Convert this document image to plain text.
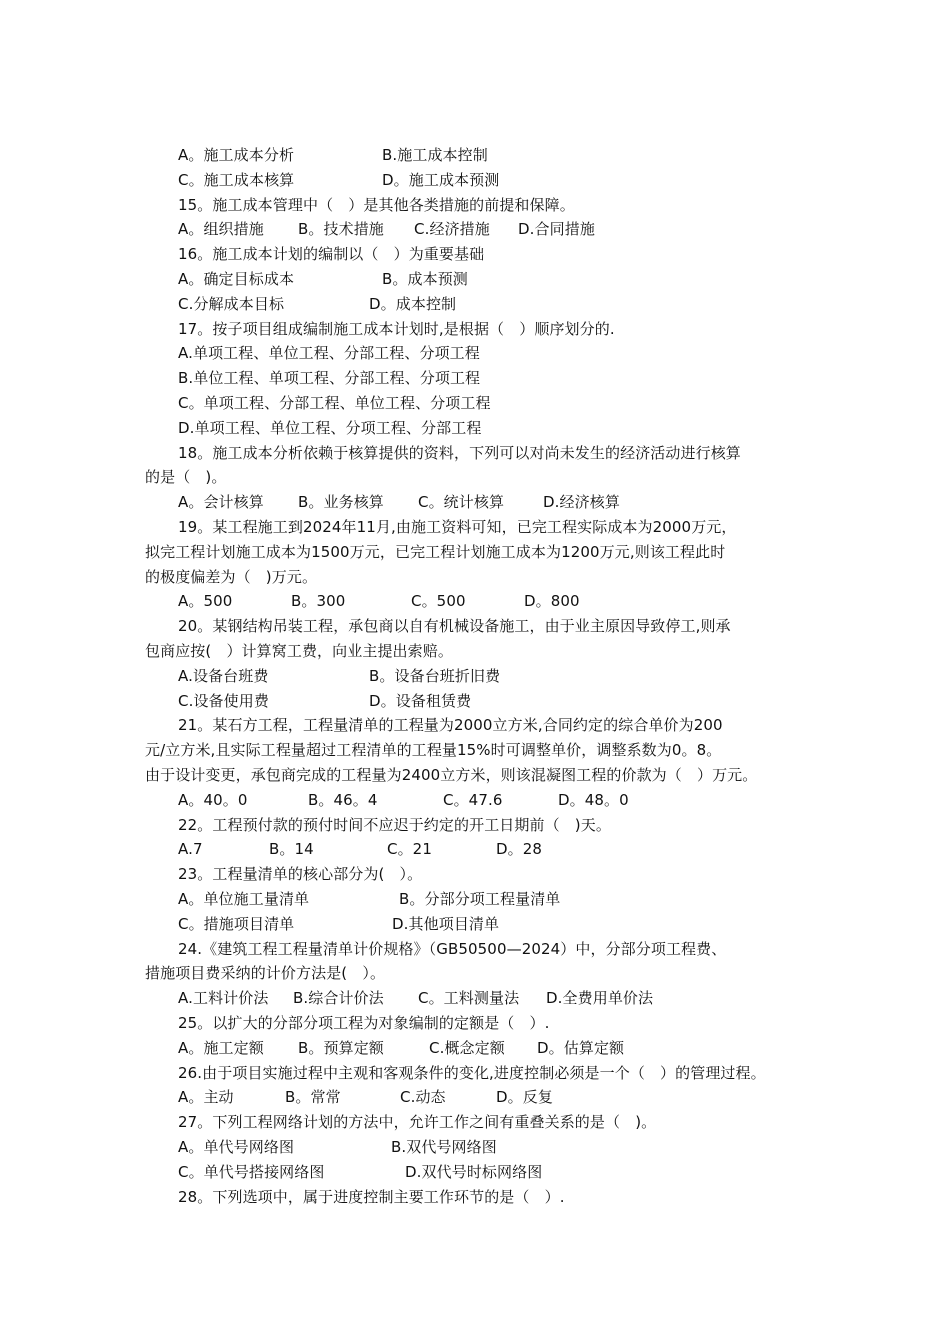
A。施工成本分析	B.施工成本控制
C。施工成本核算	D。施工成本预测
15。施工成本管理中（　）是其他各类措施的前提和保障。
A。组织措施 B。技术措施 C.经济措施 D.合同措施
16。施工成本计划的编制以（　）为重要基础
A。确定目标成本	B。成本预测
C.分解成本目标	D。成本控制
17。按子项目组成编制施工成本计划时,是根据（　）顺序划分的.
A.单项工程、单位工程、分部工程、分项工程
B.单位工程、单项工程、分部工程、分项工程
C。单项工程、分部工程、单位工程、分项工程
D.单项工程、单位工程、分项工程、分部工程
18。施工成本分析依赖于核算提供的资料，下列可以对尚未发生的经济活动进行核算
的是（　)。
A。会计核算 B。业务核算 C。统计核算	D.经济核算
19。某工程施工到2024年11月,由施工资料可知，已完工程实际成本为2000万元，
拟完工程计划施工成本为1500万元，已完工程计划施工成本为1200万元,则该工程此时
的极度偏差为（　)万元。
A。500	B。300	C。500	D。800
20。某钢结构吊装工程，承包商以自有机械设备施工，由于业主原因导致停工,则承
包商应按(　）计算窝工费，向业主提出索赔。
A.设备台班费	B。设备台班折旧费
C.设备使用费	D。设备租赁费
21。某石方工程，工程量清单的工程量为2000立方米,合同约定的综合单价为200
元/立方米,且实际工程量超过工程清单的工程量15%时可调整单价，调整系数为0。8。
由于设计变更，承包商完成的工程量为2400立方米，则该混凝图工程的价款为（　）万元。
A。40。0	B。46。4	C。47.6	D。48。0
22。工程预付款的预付时间不应迟于约定的开工日期前（　)天。
A.7	B。14	C。21	D。28
23。工程量清单的核心部分为(　）。
A。单位施工量清单	B。分部分项工程量清单
C。措施项目清单	D.其他项目清单
24.《建筑工程工程量清单计价规格》（GB50500—2024）中，分部分项工程费、
措施项目费采纳的计价方法是(　）。
A.工料计价法 B.综合计价法 C。工料测量法 D.全费用单价法
25。以扩大的分部分项工程为对象编制的定额是（　）.
A。施工定额 B。预算定额	C.概念定额 D。估算定额
26.由于项目实施过程中主观和客观条件的变化,进度控制必须是一个（　）的管理过程。
A。主动	B。常常	C.动态	D。反复
27。下列工程网络计划的方法中，允许工作之间有重叠关系的是（　)。
A。单代号网络图	B.双代号网络图
C。单代号搭接网络图	D.双代号时标网络图
28。下列选项中，属于进度控制主要工作环节的是（　）.
